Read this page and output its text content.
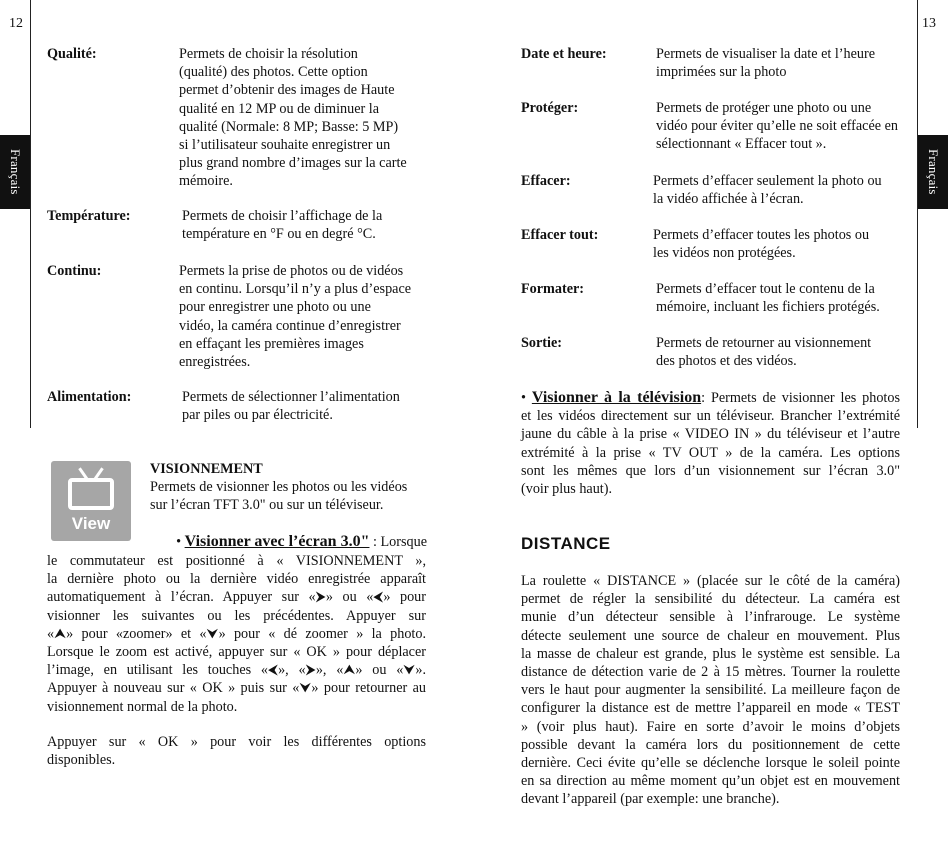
12	13
Français	Français
Qualité:	Permets de choisir la résolution
(qualité) des photos. Cette option
permet d’obtenir des images de Haute
qualité en 12 MP ou de diminuer la
qualité (Normale: 8 MP; Basse: 5 MP)
si l’utilisateur souhaite enregistrer un
plus grand nombre d’images sur la carte
mémoire.
Température:	Permets de choisir l’affichage de la
température en °F ou en degré °C.
Continu:	Permets la prise de photos ou de vidéos
en continu. Lorsqu’il n’y a plus d’espace
pour enregistrer une photo ou une
vidéo, la caméra continue d’enregistrer
en effaçant les premières images
enregistrées.
Alimentation:	Permets de sélectionner l’alimentation
par piles ou par électricité.
View
VISIONNEMENT
Permets de visionner les photos ou les vidéos
sur l’écran TFT 3.0" ou sur un téléviseur.
• Visionner avec l’écran 3.0" : Lorsque
le commutateur est positionné à « VISIONNEMENT »,
la dernière photo ou la dernière vidéo enregistrée apparaît
automatiquement à l’écran. Appuyer sur «⮞» ou «⮜» pour
visionner les suivantes ou les précédentes. Appuyer sur
«⮝» pour «zoomer» et «⮟» pour « dé zoomer » la photo.
Lorsque le zoom est activé, appuyer sur « OK » pour déplacer
l’image, en utilisant les touches «⮜», «⮞», «⮝» ou «⮟».
Appuyer à nouveau sur « OK » puis sur «⮟» pour retourner au
visionnement normal de la photo.
Appuyer sur « OK » pour voir les différentes options
disponibles.
Date et heure:	Permets de visualiser la date et l’heure
imprimées sur la photo
Protéger:	Permets de protéger une photo ou une
vidéo pour éviter qu’elle ne soit effacée en
sélectionnant « Effacer tout ».
Effacer:	Permets d’effacer seulement la photo ou
la vidéo affichée à l’écran.
Effacer tout:	Permets d’effacer toutes les photos ou
les vidéos non protégées.
Formater:	Permets d’effacer tout le contenu de la
mémoire, incluant les fichiers protégés.
Sortie:	Permets de retourner au visionnement
des photos et des vidéos.
• Visionner à la télévision: Permets de visionner les photos
et les vidéos directement sur un téléviseur. Brancher l’extrémité
jaune du câble à la prise « VIDEO IN » du téléviseur et l’autre
extrémité à la prise « TV OUT » de la caméra. Les options
sont les mêmes que lors d’un visionnement sur l’écran 3.0"
(voir plus haut).
DISTANCE
La roulette « DISTANCE » (placée sur le côté de la caméra)
permet de régler la sensibilité du détecteur. La caméra est
munie d’un détecteur sensible à l’infrarouge. Le système
détecte seulement une source de chaleur en mouvement. Plus
la masse de chaleur est grande, plus le système est sensible. La
distance de détection varie de 2 à 15 mètres. Tourner la roulette
vers le haut pour augmenter la sensibilité. La meilleure façon de
configurer la distance est de mettre l’appareil en mode « TEST
» (voir plus haut). Faire en sorte d’avoir le moins d’objets
possible devant la caméra lors du positionnement de cette
dernière. Ceci évite qu’elle se déclenche lorsque le soleil pointe
en sa direction au même moment qu’un objet est en mouvement
devant l’appareil (par exemple: une branche).
